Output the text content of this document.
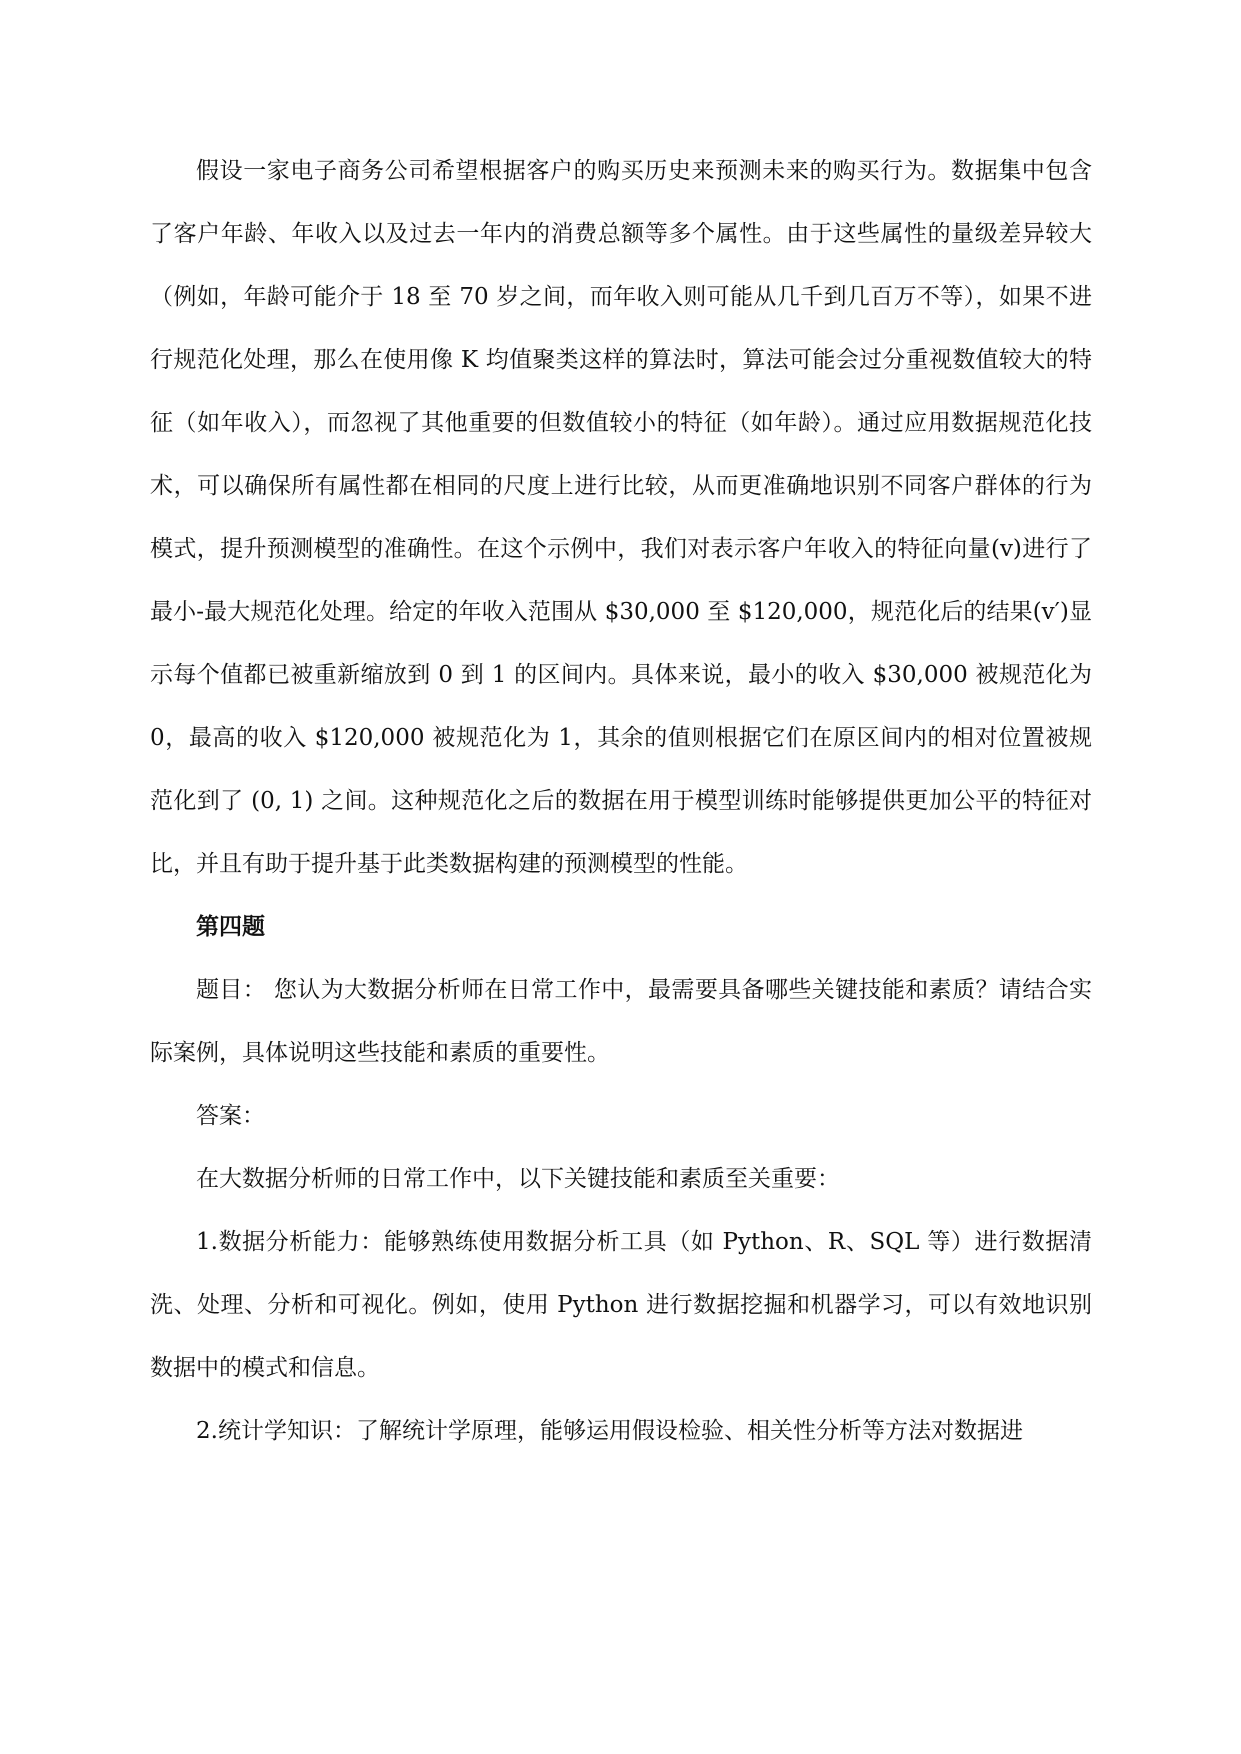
假设一家电子商务公司希望根据客户的购买历史来预测未来的购买行为。数据集中包含了客户年龄、年收入以及过去一年内的消费总额等多个属性。由于这些属性的量级差异较大（例如，年龄可能介于 18 至 70 岁之间，而年收入则可能从几千到几百万不等），如果不进行规范化处理，那么在使用像 K 均值聚类这样的算法时，算法可能会过分重视数值较大的特征（如年收入），而忽视了其他重要的但数值较小的特征（如年龄）。通过应用数据规范化技术，可以确保所有属性都在相同的尺度上进行比较，从而更准确地识别不同客户群体的行为模式，提升预测模型的准确性。在这个示例中，我们对表示客户年收入的特征向量(v)进行了最小-最大规范化处理。给定的年收入范围从 $30,000 至 $120,000，规范化后的结果(v′)显示每个值都已被重新缩放到 0 到 1 的区间内。具体来说，最小的收入 $30,000 被规范化为 0，最高的收入 $120,000 被规范化为 1，其余的值则根据它们在原区间内的相对位置被规范化到了 (0, 1) 之间。这种规范化之后的数据在用于模型训练时能够提供更加公平的特征对比，并且有助于提升基于此类数据构建的预测模型的性能。

第四题

题目： 您认为大数据分析师在日常工作中，最需要具备哪些关键技能和素质？请结合实际案例，具体说明这些技能和素质的重要性。

答案：

在大数据分析师的日常工作中，以下关键技能和素质至关重要：

1.数据分析能力：能够熟练使用数据分析工具（如 Python、R、SQL 等）进行数据清洗、处理、分析和可视化。例如，使用 Python 进行数据挖掘和机器学习，可以有效地识别数据中的模式和信息。

2.统计学知识：了解统计学原理，能够运用假设检验、相关性分析等方法对数据进
